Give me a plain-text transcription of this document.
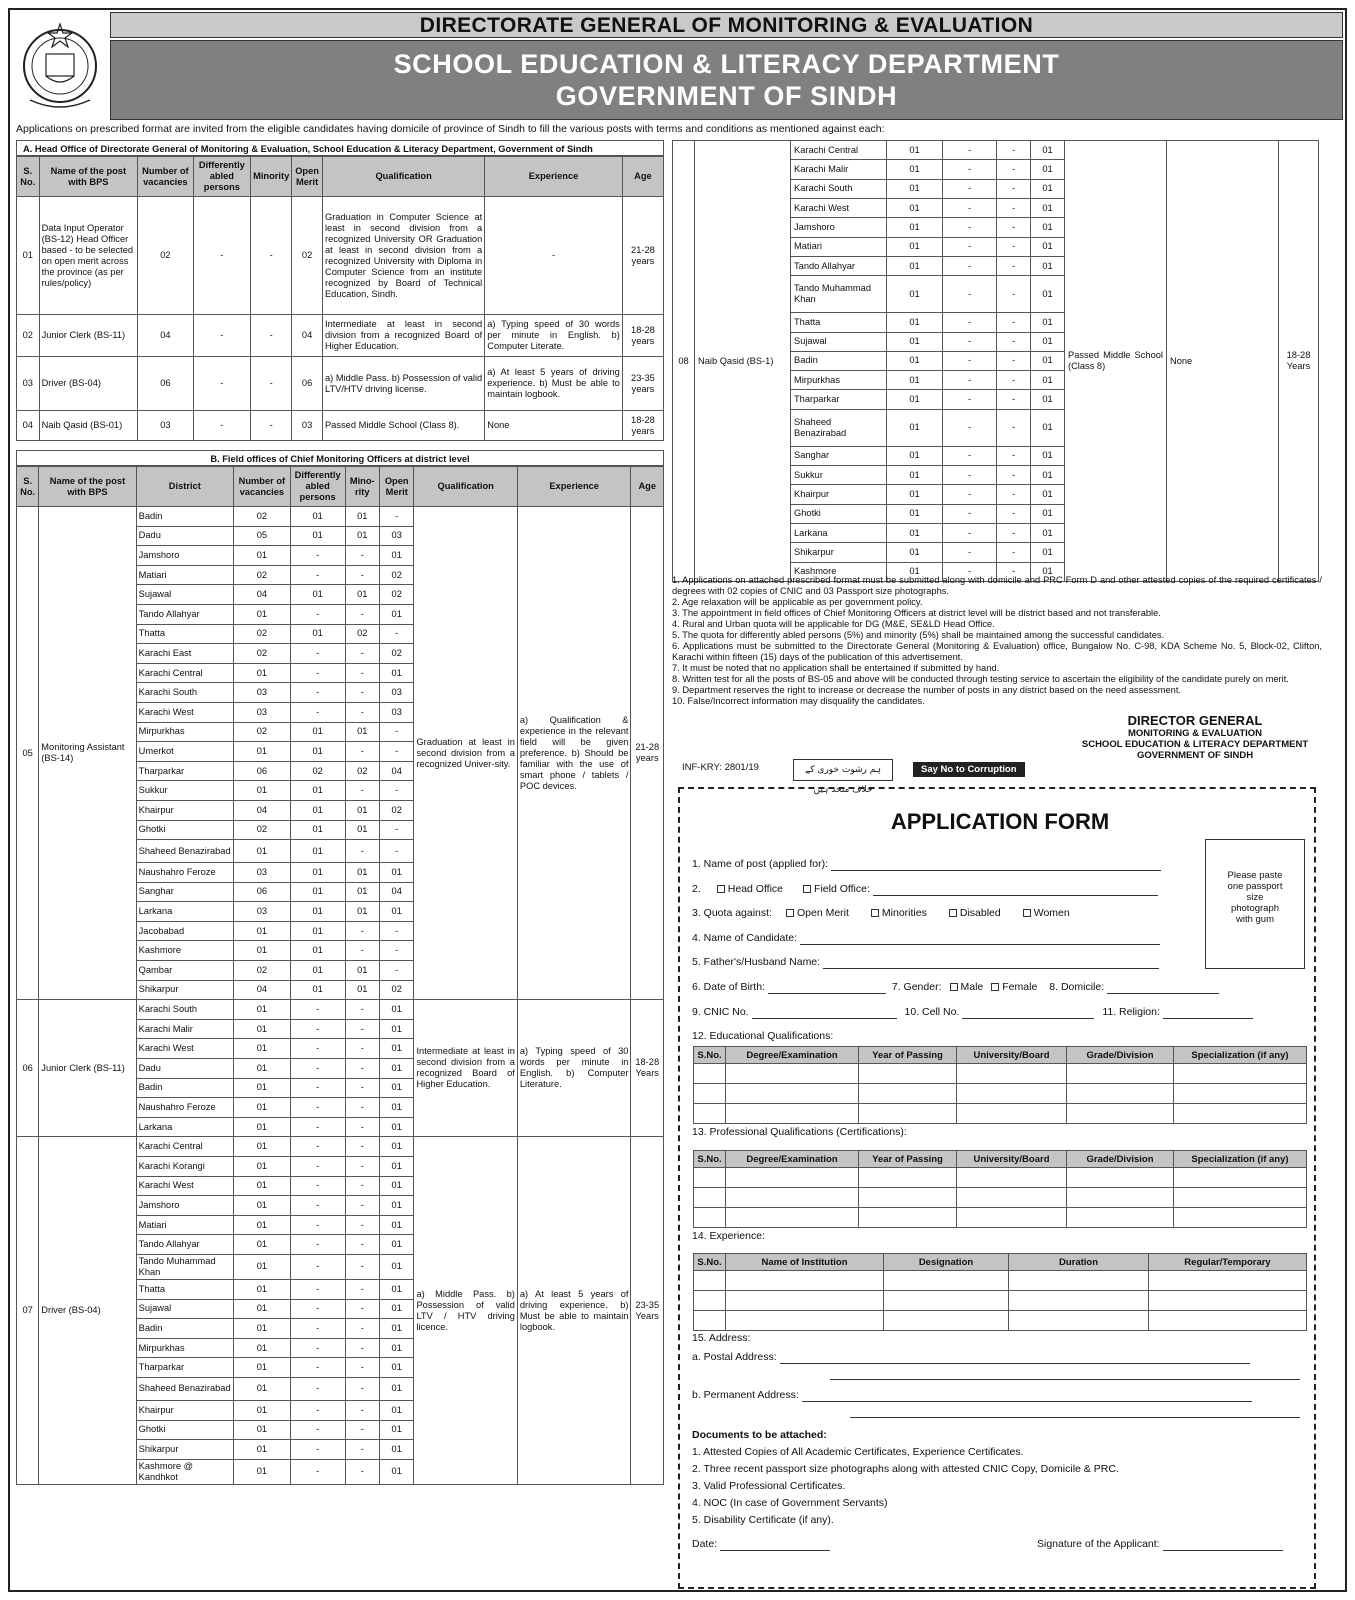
DIRECTORATE GENERAL OF MONITORING & EVALUATION
SCHOOL EDUCATION & LITERACY DEPARTMENT
GOVERNMENT OF SINDH
Applications on prescribed format are invited from the eligible candidates having domicile of province of Sindh to fill the various posts with terms and conditions as mentioned against each:
A. Head Office of Directorate General of Monitoring & Evaluation, School Education & Literacy Department, Government of Sindh
S. No.	Name of the post with BPS	Number of vacancies	Differently abled persons	Minority	Open Merit	Qualification	Experience	Age
01	Data Input Operator (BS-12) Head Officer based - to be selected on open merit across the province (as per rules/policy)	02	-	-	02	Graduation in Computer Science at least in second division from a recognized University OR Graduation at least in second division from a recognized University with Diploma in Computer Science from an institute recognized by Board of Technical Education, Sindh.	-	21-28 years
02	Junior Clerk (BS-11)	04	-	-	04	Intermediate at least in second division from a recognized Board of Higher Education.	a) Typing speed of 30 words per minute in English. b) Computer Literate.	18-28 years
03	Driver (BS-04)	06	-	-	06	a) Middle Pass. b) Possession of valid LTV/HTV driving license.	a) At least 5 years of driving experience. b) Must be able to maintain logbook.	23-35 years
04	Naib Qasid (BS-01)	03	-	-	03	Passed Middle School (Class 8).	None	18-28 years
B. Field offices of Chief Monitoring Officers at district level
S. No.	Name of the post with BPS	District	Number of vacancies	Differently abled persons	Mino-rity	Open Merit	Qualification	Experience	Age
05	Monitoring Assistant (BS-14)	Badin	02	01	01	-	Graduation at least in second division from a recognized Univer-sity.	a) Qualification & experience in the relevant field will be given preference. b) Should be familiar with the use of smart phone / tablets / POC devices.	21-28 years
		Dadu	05	01	01	03			
		Jamshoro	01	-	-	01			
		Matiari	02	-	-	02			
		Sujawal	04	01	01	02			
		Tando Allahyar	01	-	-	01			
		Thatta	02	01	02	-			
		Karachi East	02	-	-	02			
		Karachi Central	01	-	-	01			
		Karachi South	03	-	-	03			
		Karachi West	03	-	-	03			
		Mirpurkhas	02	01	01	-			
		Umerkot	01	01	-	-			
		Tharparkar	06	02	02	04			
		Sukkur	01	01	-	-			
		Khairpur	04	01	01	02			
		Ghotki	02	01	01	-			
		Shaheed Benazirabad	01	01	-	-			
		Naushahro Feroze	03	01	01	01			
		Sanghar	06	01	01	04			
		Larkana	03	01	01	01			
		Jacobabad	01	01	-	-			
		Kashmore	01	01	-	-			
		Qambar	02	01	01	-			
		Shikarpur	04	01	01	02			
06	Junior Clerk (BS-11)	Karachi South	01	-	-	01	Intermediate at least in second division from a recognized Board of Higher Education.	a) Typing speed of 30 words per minute in English. b) Computer Literature.	18-28 Years
		Karachi Malir	01	-	-	01			
		Karachi West	01	-	-	01			
		Dadu	01	-	-	01			
		Badin	01	-	-	01			
		Naushahro Feroze	01	-	-	01			
		Larkana	01	-	-	01			
07	Driver (BS-04)	Karachi Central	01	-	-	01	a) Middle Pass. b) Possession of valid LTV / HTV driving licence.	a) At least 5 years of driving experience. b) Must be able to maintain logbook.	23-35 Years
		Karachi Korangi	01	-	-	01			
		Karachi West	01	-	-	01			
		Jamshoro	01	-	-	01			
		Matiari	01	-	-	01			
		Tando Allahyar	01	-	-	01			
		Tando Muhammad Khan	01	-	-	01			
		Thatta	01	-	-	01			
		Sujawal	01	-	-	01			
		Badin	01	-	-	01			
		Mirpurkhas	01	-	-	01			
		Tharparkar	01	-	-	01			
		Shaheed Benazirabad	01	-	-	01			
		Khairpur	01	-	-	01			
		Ghotki	01	-	-	01			
		Shikarpur	01	-	-	01			
		Kashmore @ Kandhkot	01	-	-	01			
08	Naib Qasid (BS-1)	Karachi Central	01	-	-	01	Passed Middle School (Class 8)	None	18-28 Years
		Karachi Malir	01	-	-	01			
		Karachi South	01	-	-	01			
		Karachi West	01	-	-	01			
		Jamshoro	01	-	-	01			
		Matiari	01	-	-	01			
		Tando Allahyar	01	-	-	01			
		Tando Muhammad Khan	01	-	-	01			
		Thatta	01	-	-	01			
		Sujawal	01	-	-	01			
		Badin	01	-	-	01			
		Mirpurkhas	01	-	-	01			
		Tharparkar	01	-	-	01			
		Shaheed Benazirabad	01	-	-	01			
		Sanghar	01	-	-	01			
		Sukkur	01	-	-	01			
		Khairpur	01	-	-	01			
		Ghotki	01	-	-	01			
		Larkana	01	-	-	01			
		Shikarpur	01	-	-	01			
		Kashmore	01	-	-	01			
1. Applications on attached prescribed format must be submitted along with domicile and PRC Form D and other attested copies of the required certificates / degrees with 02 copies of CNIC and 03 Passport size photographs.
2. Age relaxation will be applicable as per government policy.
3. The appointment in field offices of Chief Monitoring Officers at district level will be district based and not transferable.
4. Rural and Urban quota will be applicable for DG (M&E, SE&LD Head Office.
5. The quota for differently abled persons (5%) and minority (5%) shall be maintained among the successful candidates.
6. Applications must be submitted to the Directorate General (Monitoring & Evaluation) office, Bungalow No. C-98, KDA Scheme No. 5, Block-02, Clifton, Karachi within fifteen (15) days of the publication of this advertisement.
7. It must be noted that no application shall be entertained if submitted by hand.
8. Written test for all the posts of BS-05 and above will be conducted through testing service to ascertain the eligibility of the candidate purely on merit.
9. Department reserves the right to increase or decrease the number of posts in any district based on the need assessment.
10. False/Incorrect information may disqualify the candidates.
DIRECTOR GENERAL
MONITORING & EVALUATION
SCHOOL EDUCATION & LITERACY DEPARTMENT
GOVERNMENT OF SINDH
INF-KRY: 2801/19	ہم رشوت خوری کے خلاف متحد ہیں
Say No to Corruption
APPLICATION FORM
Please paste one passport size photograph with gum
1. Name of post (applied for):
2.	Head Office	Field Office:
3. Quota against: Open Merit	Minorities	Disabled	Women
4. Name of Candidate:
5. Father's/Husband Name:
6. Date of Birth:	7. Gender: Male Female 8. Domicile:
9. CNIC No.	10. Cell No.	11. Religion:
12. Educational Qualifications:
S.No.	Degree/Examination	Year of Passing	University/Board	Grade/Division	Specialization (if any)

13. Professional Qualifications (Certifications):
S.No.	Degree/Examination	Year of Passing	University/Board	Grade/Division	Specialization (if any)

14. Experience:
S.No.	Name of Institution	Designation	Duration	Regular/Temporary

15. Address:
a. Postal Address:
b. Permanent Address:
Documents to be attached:
1. Attested Copies of All Academic Certificates, Experience Certificates.
2. Three recent passport size photographs along with attested CNIC Copy, Domicile & PRC.
3. Valid Professional Certificates.
4. NOC (In case of Government Servants)
5. Disability Certificate (if any).
Date:	Signature of the Applicant:
